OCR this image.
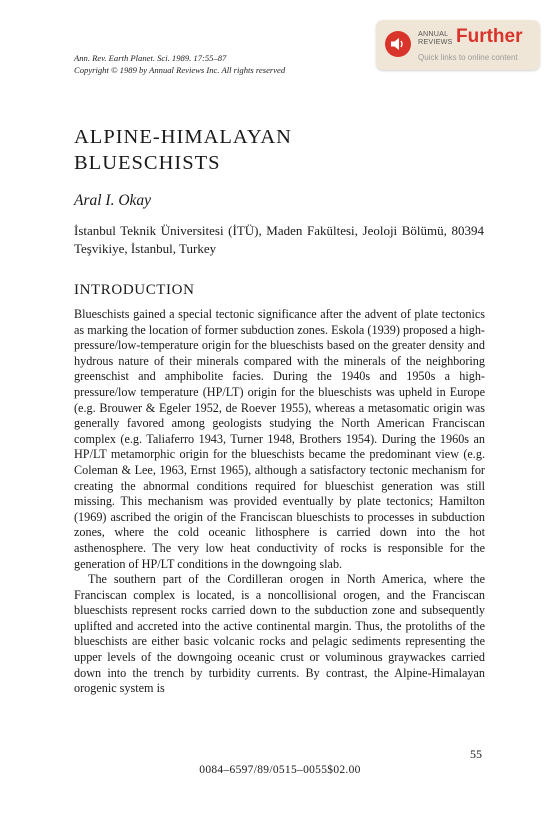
Ann. Rev. Earth Planet. Sci. 1989. 17:55–87
Copyright © 1989 by Annual Reviews Inc. All rights reserved
ANNUAL
REVIEWS Further
Quick links to online content
ALPINE-HIMALAYAN
BLUESCHISTS
Aral I. Okay
İstanbul Teknik Üniversitesi (İTÜ), Maden Fakültesi, Jeoloji Bölümü, 80394 Teşvikiye, İstanbul, Turkey
INTRODUCTION

Blueschists gained a special tectonic significance after the advent of plate tectonics as marking the location of former subduction zones. Eskola (1939) proposed a high-pressure/low-temperature origin for the blueschists based on the greater density and hydrous nature of their minerals compared with the minerals of the neighboring greenschist and amphibolite facies. During the 1940s and 1950s a high-pressure/low temperature (HP/LT) origin for the blueschists was upheld in Europe (e.g. Brouwer & Egeler 1952, de Roever 1955), whereas a metasomatic origin was generally favored among geologists studying the North American Franciscan complex (e.g. Taliaferro 1943, Turner 1948, Brothers 1954). During the 1960s an HP/LT metamorphic origin for the blueschists became the predominant view (e.g. Coleman & Lee, 1963, Ernst 1965), although a satisfactory tectonic mechanism for creating the abnormal conditions required for blueschist generation was still missing. This mechanism was provided eventually by plate tectonics; Hamilton (1969) ascribed the origin of the Franciscan blueschists to processes in subduction zones, where the cold oceanic lithosphere is carried down into the hot asthenosphere. The very low heat conductivity of rocks is responsible for the generation of HP/LT conditions in the downgoing slab.

The southern part of the Cordilleran orogen in North America, where the Franciscan complex is located, is a noncollisional orogen, and the Franciscan blueschists represent rocks carried down to the subduction zone and subsequently uplifted and accreted into the active continental margin. Thus, the protoliths of the blueschists are either basic volcanic rocks and pelagic sediments representing the upper levels of the downgoing oceanic crust or voluminous graywackes carried down into the trench by turbidity currents. By contrast, the Alpine-Himalayan orogenic system is

55
0084–6597/89/0515–0055$02.00
